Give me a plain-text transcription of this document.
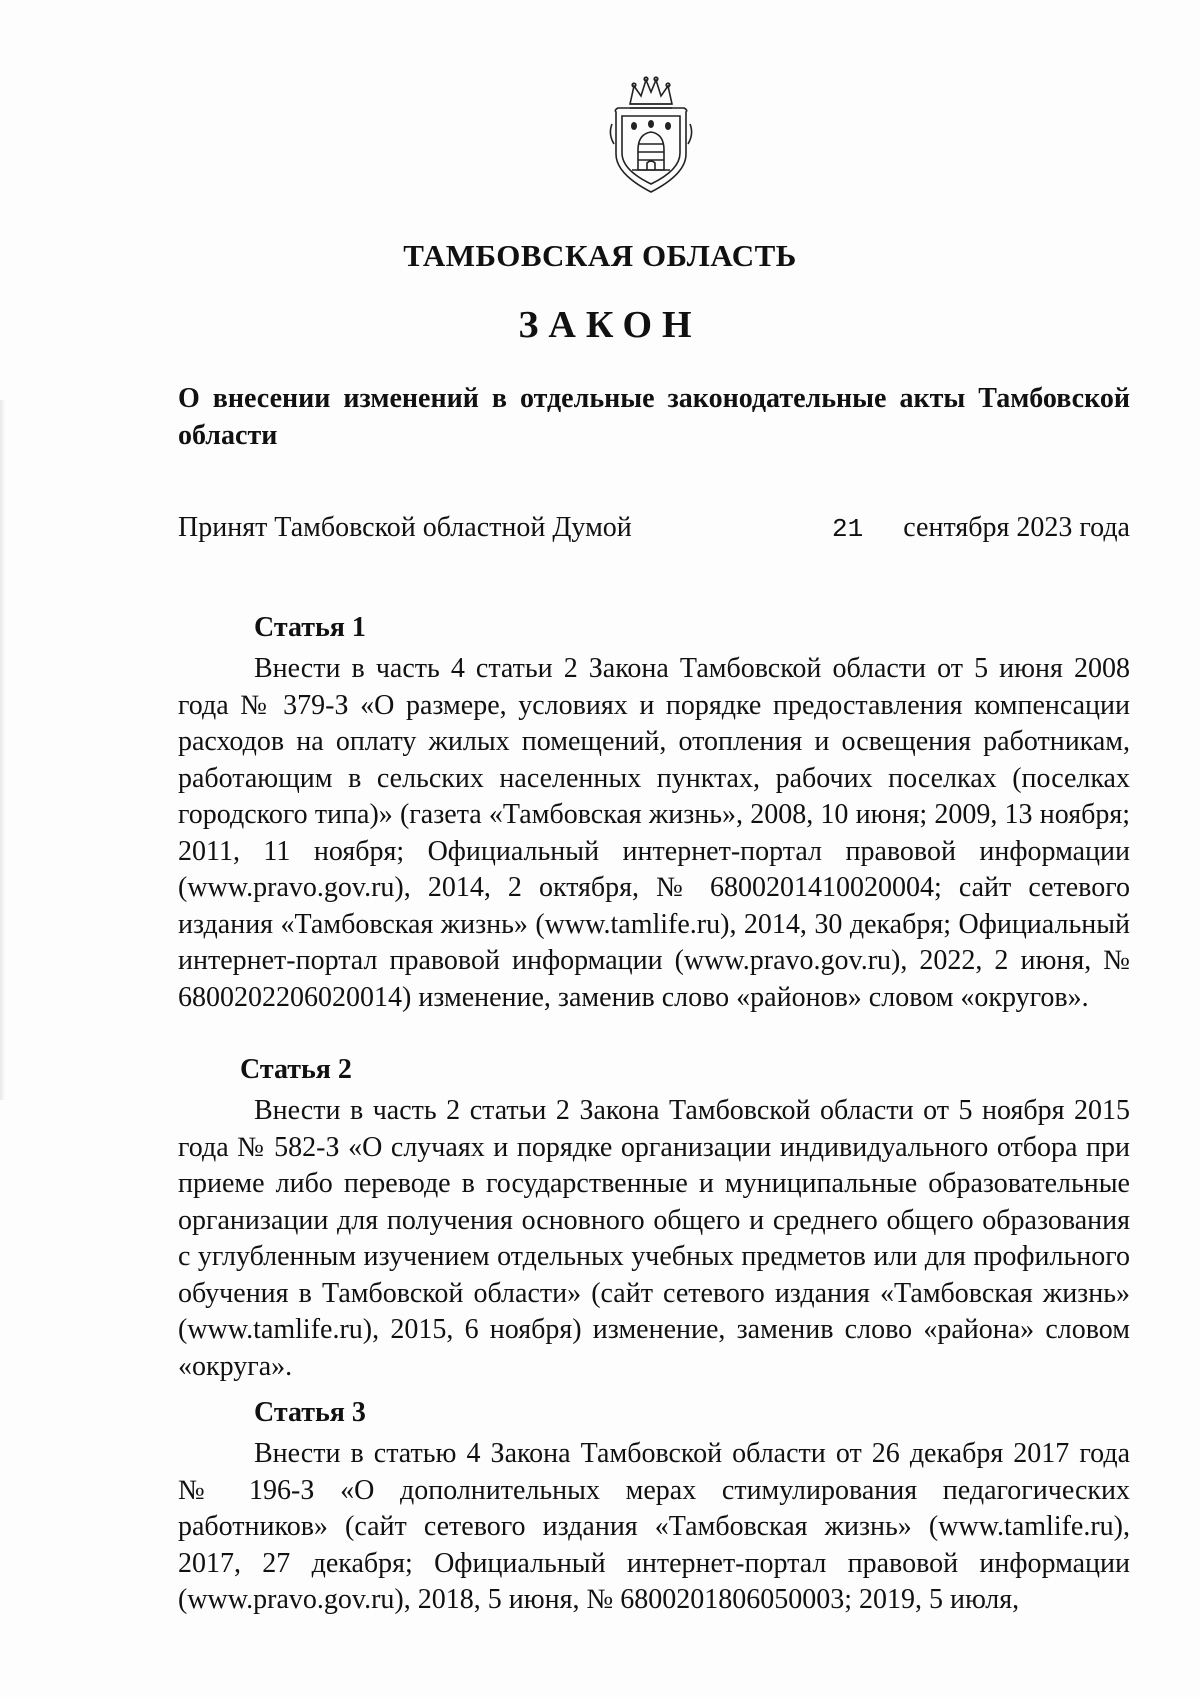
ТАМБОВСКАЯ ОБЛАСТЬ
ЗАКОН
О внесении изменений в отдельные законодательные акты Тамбовской области
Принят Тамбовской областной Думой	21 сентября 2023 года
Статья 1

Внести в часть 4 статьи 2 Закона Тамбовской области от 5 июня 2008 года № 379-З «О размере, условиях и порядке предоставления компенсации расходов на оплату жилых помещений, отопления и освещения работникам, работающим в сельских населенных пунктах, рабочих поселках (поселках городского типа)» (газета «Тамбовская жизнь», 2008, 10 июня; 2009, 13 ноября; 2011, 11 ноября; Официальный интернет-портал правовой информации (www.pravo.gov.ru), 2014, 2 октября, № 6800201410020004; сайт сетевого издания «Тамбовская жизнь» (www.tamlife.ru), 2014, 30 декабря; Официальный интернет-портал правовой информации (www.pravo.gov.ru), 2022, 2 июня, № 6800202206020014) изменение, заменив слово «районов» словом «округов».

Статья 2

Внести в часть 2 статьи 2 Закона Тамбовской области от 5 ноября 2015 года № 582-З «О случаях и порядке организации индивидуального отбора при приеме либо переводе в государственные и муниципальные образовательные организации для получения основного общего и среднего общего образования с углубленным изучением отдельных учебных предметов или для профильного обучения в Тамбовской области» (сайт сетевого издания «Тамбовская жизнь» (www.tamlife.ru), 2015, 6 ноября) изменение, заменив слово «района» словом «округа».

Статья 3

Внести в статью 4 Закона Тамбовской области от 26 декабря 2017 года № 196-З «О дополнительных мерах стимулирования педагогических работников» (сайт сетевого издания «Тамбовская жизнь» (www.tamlife.ru), 2017, 27 декабря; Официальный интернет-портал правовой информации (www.pravo.gov.ru), 2018, 5 июня, № 6800201806050003; 2019, 5 июля,
